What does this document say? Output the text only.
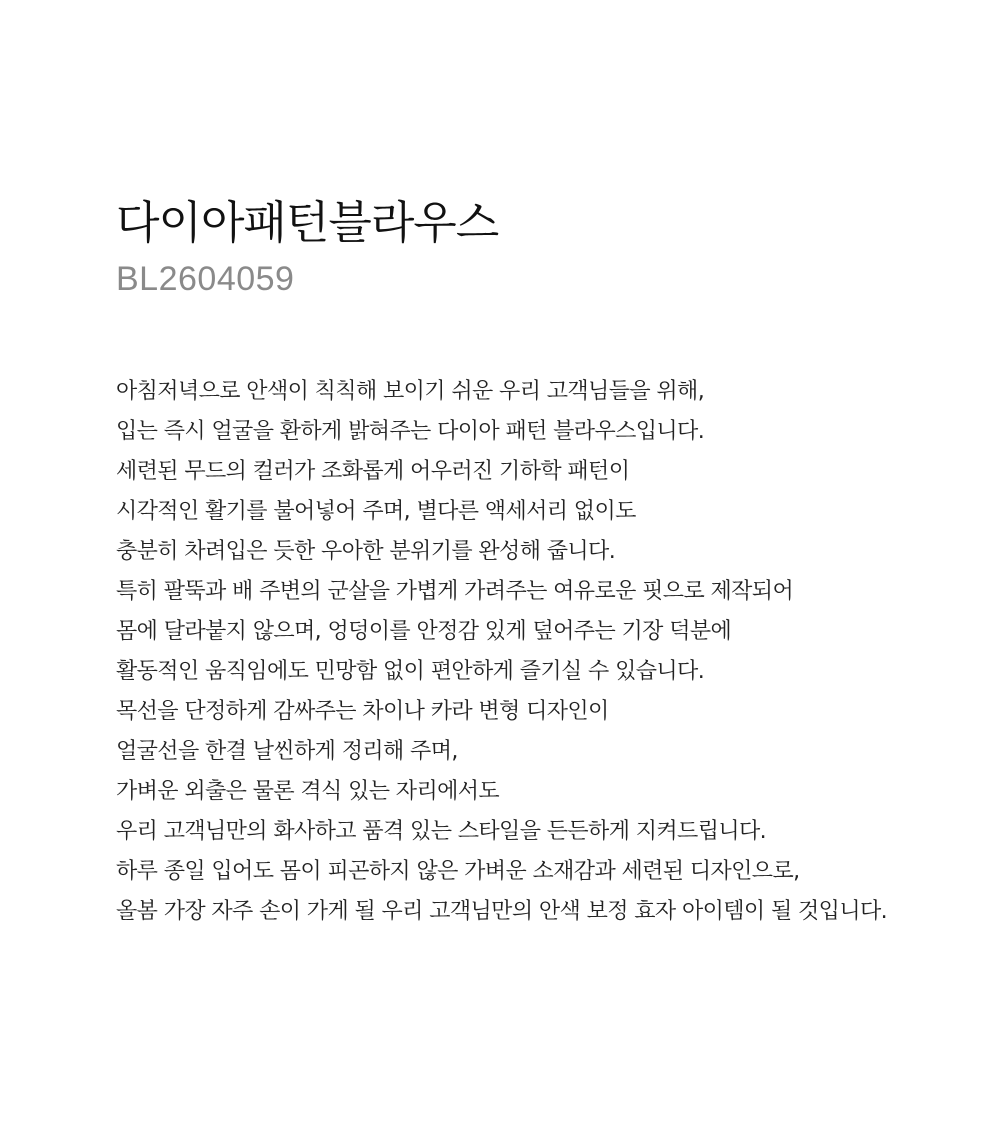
다이아패턴블라우스

BL2604059

아침저녁으로 안색이 칙칙해 보이기 쉬운 우리 고객님들을 위해,
입는 즉시 얼굴을 환하게 밝혀주는 다이아 패턴 블라우스입니다.
세련된 무드의 컬러가 조화롭게 어우러진 기하학 패턴이
시각적인 활기를 불어넣어 주며, 별다른 액세서리 없이도
충분히 차려입은 듯한 우아한 분위기를 완성해 줍니다.
특히 팔뚝과 배 주변의 군살을 가볍게 가려주는 여유로운 핏으로 제작되어
몸에 달라붙지 않으며, 엉덩이를 안정감 있게 덮어주는 기장 덕분에
활동적인 움직임에도 민망함 없이 편안하게 즐기실 수 있습니다.
목선을 단정하게 감싸주는 차이나 카라 변형 디자인이
얼굴선을 한결 날씬하게 정리해 주며,
가벼운 외출은 물론 격식 있는 자리에서도
우리 고객님만의 화사하고 품격 있는 스타일을 든든하게 지켜드립니다.
하루 종일 입어도 몸이 피곤하지 않은 가벼운 소재감과 세련된 디자인으로,
올봄 가장 자주 손이 가게 될 우리 고객님만의 안색 보정 효자 아이템이 될 것입니다.
